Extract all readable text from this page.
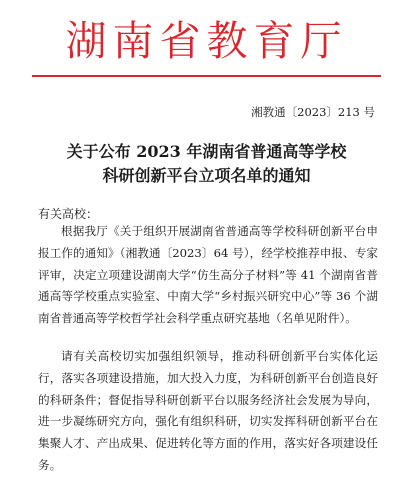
湖南省教育厅
湘教通〔2023〕213 号
关于公布 2023 年湖南省普通高等学校
科研创新平台立项名单的通知
有关高校：
根据我厅《关于组织开展湖南省普通高等学校科研创新平台申报工作的通知》（湘教通〔2023〕64 号），经学校推荐申报、专家评审，决定立项建设湖南大学“仿生高分子材料”等 41 个湖南省普通高等学校重点实验室、中南大学“乡村振兴研究中心”等 36 个湖南省普通高等学校哲学社会科学重点研究基地（名单见附件）。
请有关高校切实加强组织领导，推动科研创新平台实体化运行，落实各项建设措施，加大投入力度，为科研创新平台创造良好的科研条件；督促指导科研创新平台以服务经济社会发展为导向，进一步凝练研究方向，强化有组织科研，切实发挥科研创新平台在集聚人才、产出成果、促进转化等方面的作用，落实好各项建设任务。
